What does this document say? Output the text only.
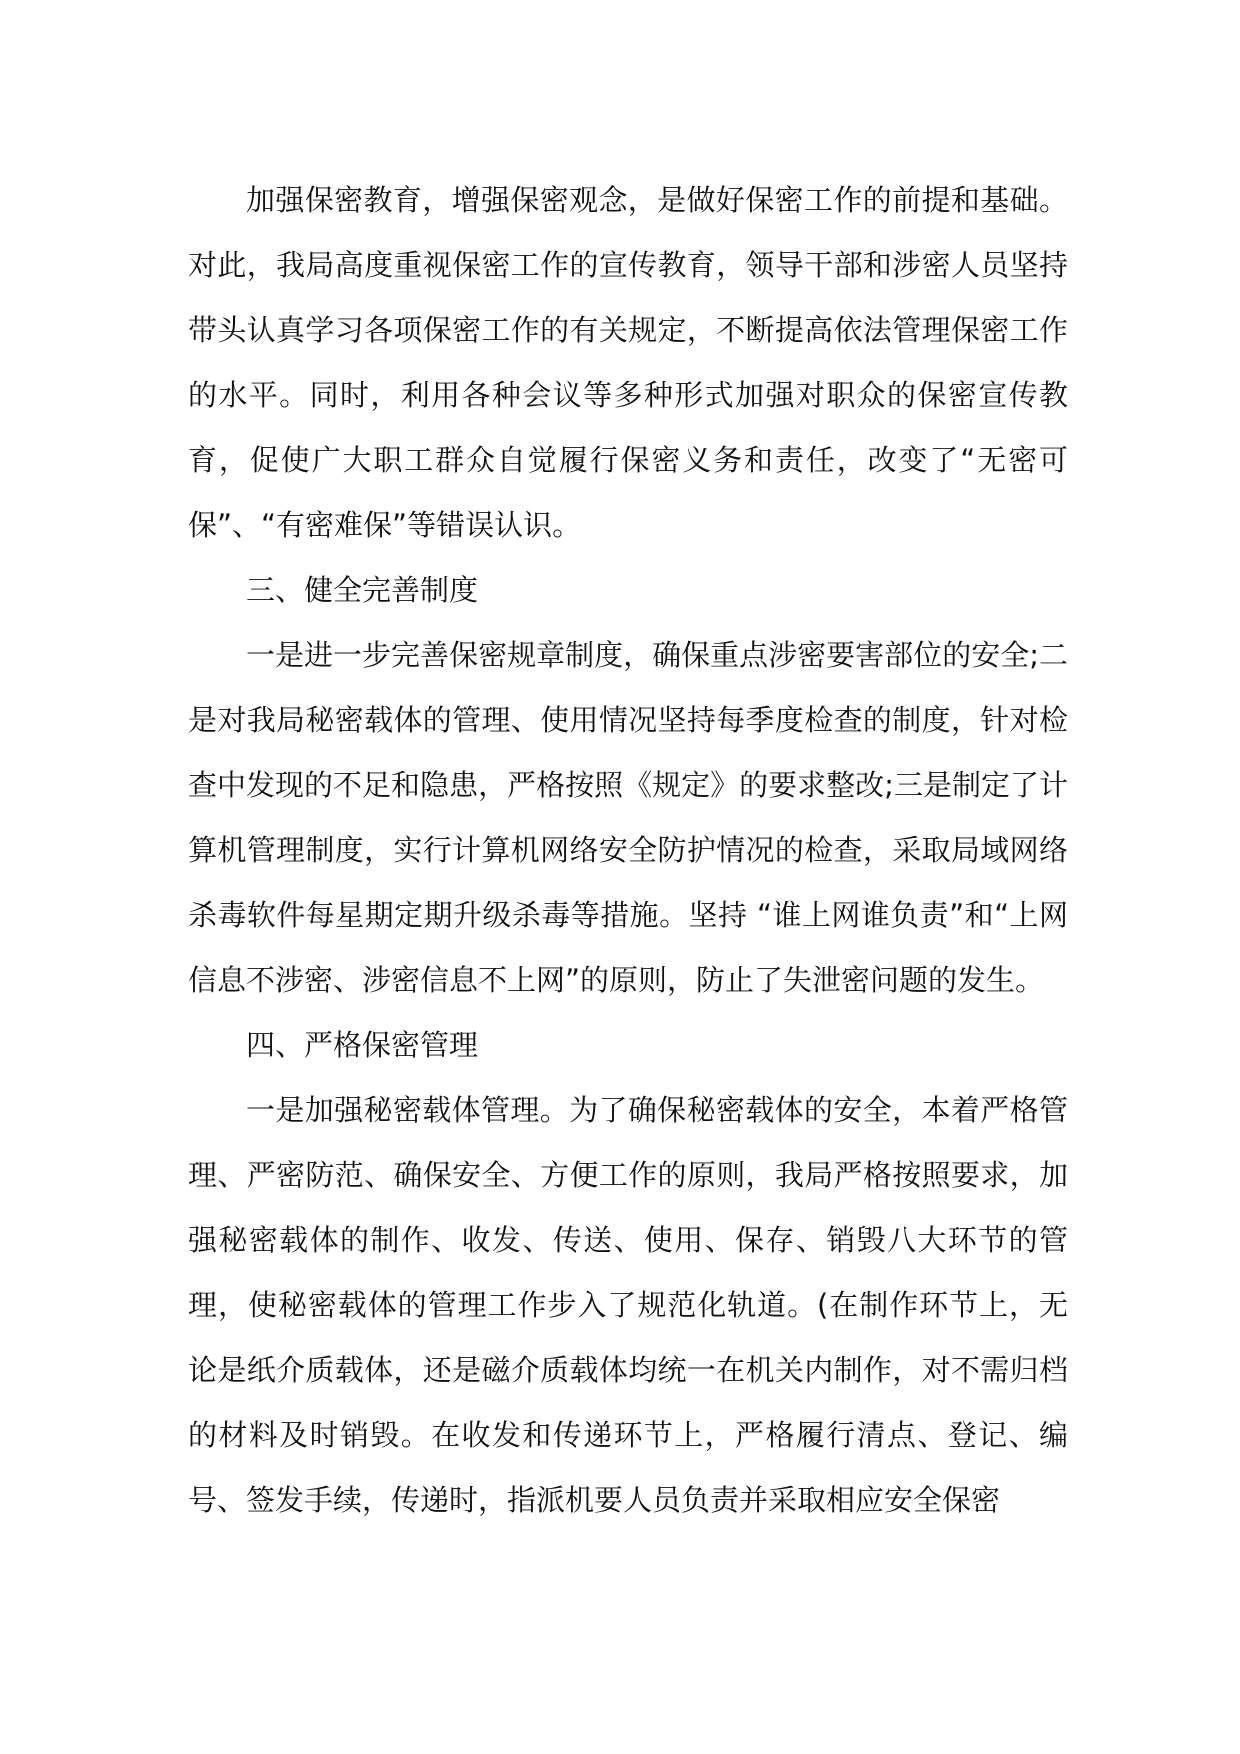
加强保密教育，增强保密观念，是做好保密工作的前提和基础。对此，我局高度重视保密工作的宣传教育，领导干部和涉密人员坚持带头认真学习各项保密工作的有关规定，不断提高依法管理保密工作的水平。同时，利用各种会议等多种形式加强对职众的保密宣传教育，促使广大职工群众自觉履行保密义务和责任，改变了“无密可保”、“有密难保”等错误认识。

三、健全完善制度

一是进一步完善保密规章制度，确保重点涉密要害部位的安全;二是对我局秘密载体的管理、使用情况坚持每季度检查的制度，针对检查中发现的不足和隐患，严格按照《规定》的要求整改;三是制定了计算机管理制度，实行计算机网络安全防护情况的检查，采取局域网络杀毒软件每星期定期升级杀毒等措施。坚持 “谁上网谁负责”和“上网信息不涉密、涉密信息不上网”的原则，防止了失泄密问题的发生。

四、严格保密管理

一是加强秘密载体管理。为了确保秘密载体的安全，本着严格管理、严密防范、确保安全、方便工作的原则，我局严格按照要求，加强秘密载体的制作、收发、传送、使用、保存、销毁八大环节的管理，使秘密载体的管理工作步入了规范化轨道。(在制作环节上，无论是纸介质载体，还是磁介质载体均统一在机关内制作，对不需归档的材料及时销毁。在收发和传递环节上，严格履行清点、登记、编号、签发手续，传递时，指派机要人员负责并采取相应安全保密
